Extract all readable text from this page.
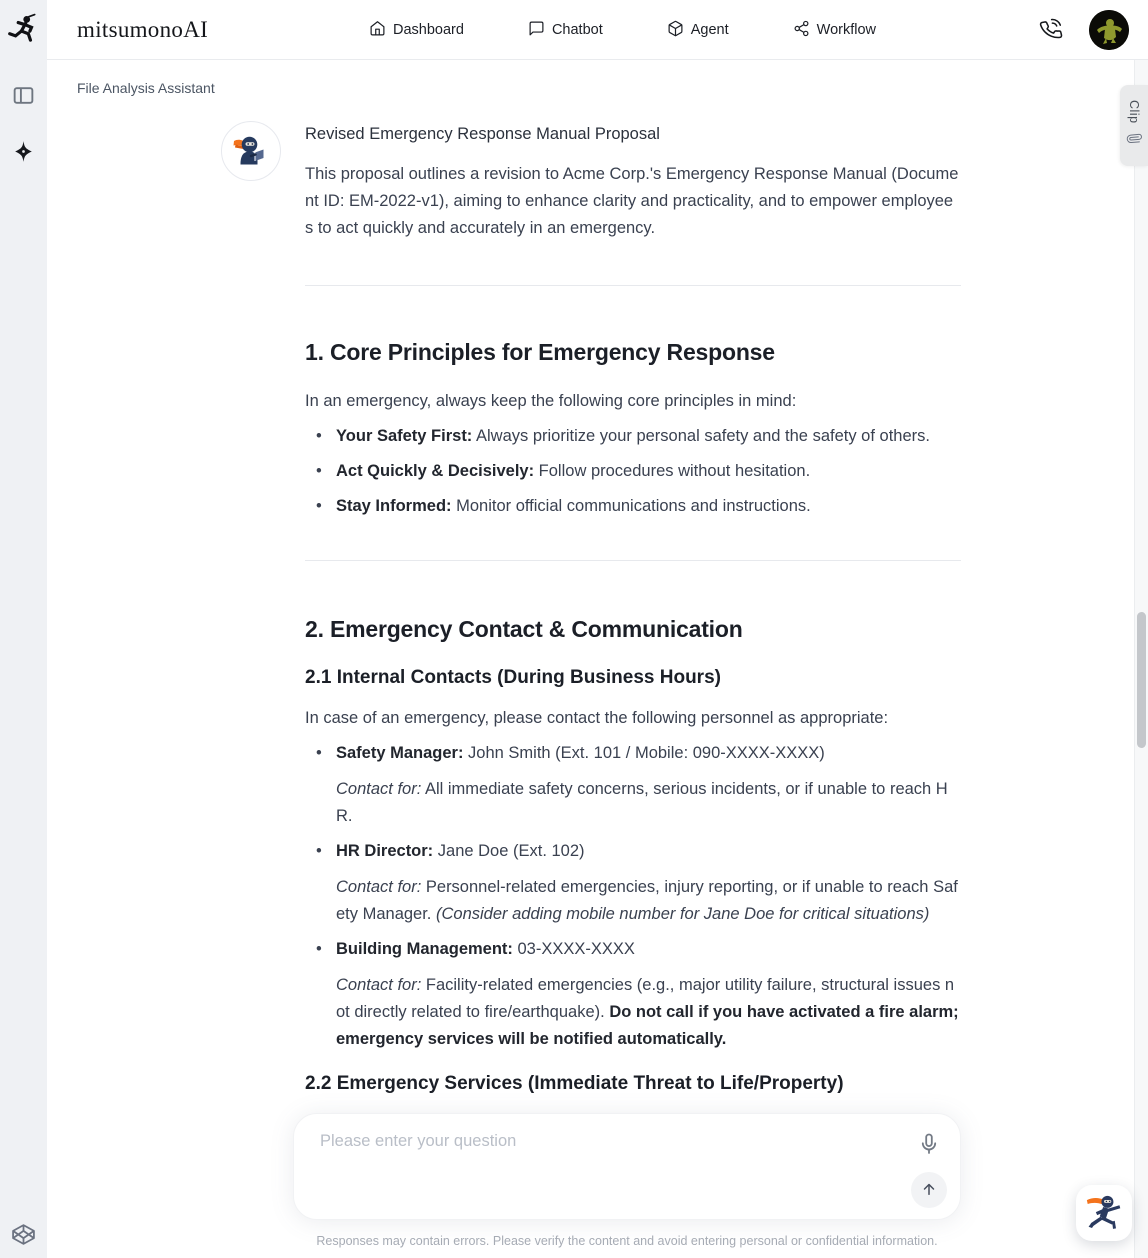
mitsumonoAI	Dashboard	Chatbot	Agent	Workflow
File Analysis Assistant

Revised Emergency Response Manual Proposal

This proposal outlines a revision to Acme Corp.'s Emergency Response Manual (Document ID: EM-2022-v1), aiming to enhance clarity and practicality, and to empower employees to act quickly and accurately in an emergency.

1. Core Principles for Emergency Response

In an emergency, always keep the following core principles in mind:

• Your Safety First: Always prioritize your personal safety and the safety of others.
• Act Quickly & Decisively: Follow procedures without hesitation.
• Stay Informed: Monitor official communications and instructions.
2. Emergency Contact & Communication
2.1 Internal Contacts (During Business Hours)

In case of an emergency, please contact the following personnel as appropriate:

• Safety Manager: John Smith (Ext. 101 / Mobile: 090-XXXX-XXXX)

Contact for: All immediate safety concerns, serious incidents, or if unable to reach HR.

• HR Director: Jane Doe (Ext. 102)

Contact for: Personnel-related emergencies, injury reporting, or if unable to reach Safety Manager. (Consider adding mobile number for Jane Doe for critical situations)

• Building Management: 03-XXXX-XXXX

Contact for: Facility-related emergencies (e.g., major utility failure, structural issues not directly related to fire/earthquake). Do not call if you have activated a fire alarm; emergency services will be notified automatically.

2.2 Emergency Services (Immediate Threat to Life/Property)
Clip
Please enter your question
Responses may contain errors. Please verify the content and avoid entering personal or confidential information.
